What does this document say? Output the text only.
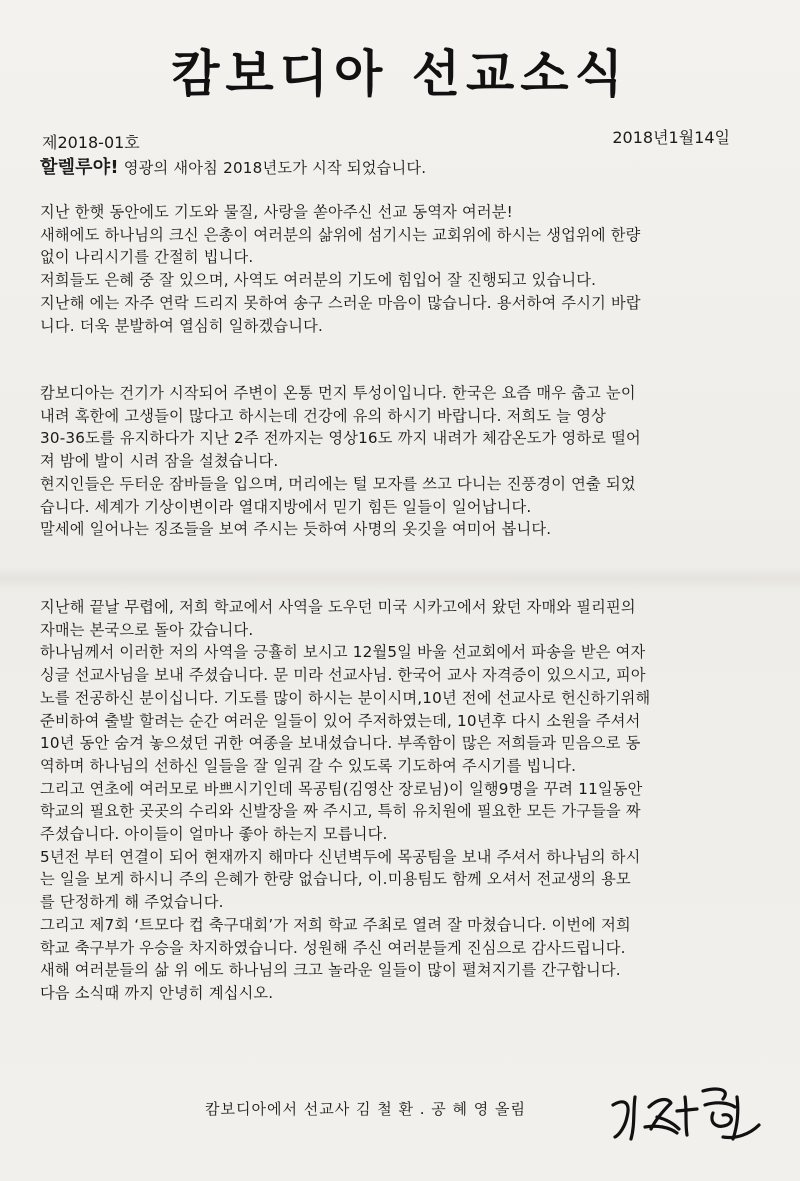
캄보디아 선교소식
제2018-01호	2018년1월14일
할렐루야! 영광의 새아침 2018년도가 시작 되었습니다.
지난 한햇 동안에도 기도와 물질, 사랑을 쏟아주신 선교 동역자 여러분!
새해에도 하나님의 크신 은총이 여러분의 삶위에 섬기시는 교회위에 하시는 생업위에 한량
없이 나리시기를 간절히 빕니다.
저희들도 은혜 중 잘 있으며, 사역도 여러분의 기도에 힘입어 잘 진행되고 있습니다.
지난해 에는 자주 연락 드리지 못하여 송구 스러운 마음이 많습니다. 용서하여 주시기 바랍
니다. 더욱 분발하여 열심히 일하겠습니다.
캄보디아는 건기가 시작되어 주변이 온통 먼지 투성이입니다. 한국은 요즘 매우 춥고 눈이
내려 혹한에 고생들이 많다고 하시는데 건강에 유의 하시기 바랍니다. 저희도 늘 영상
30-36도를 유지하다가 지난 2주 전까지는 영상16도 까지 내려가 체감온도가 영하로 떨어
져 밤에 발이 시려 잠을 설쳤습니다.
현지인들은 두터운 잠바들을 입으며, 머리에는 털 모자를 쓰고 다니는 진풍경이 연출 되었
습니다. 세계가 기상이변이라 열대지방에서 믿기 힘든 일들이 일어납니다.
말세에 일어나는 징조들을 보여 주시는 듯하여 사명의 옷깃을 여미어 봅니다.
지난해 끝날 무렵에, 저희 학교에서 사역을 도우던 미국 시카고에서 왔던 자매와 필리핀의
자매는 본국으로 돌아 갔습니다.
하나님께서 이러한 저의 사역을 긍휼히 보시고 12월5일 바울 선교회에서 파송을 받은 여자
싱글 선교사님을 보내 주셨습니다. 문 미라 선교사님. 한국어 교사 자격증이 있으시고, 피아
노를 전공하신 분이십니다. 기도를 많이 하시는 분이시며,10년 전에 선교사로 헌신하기위해
준비하여 출발 할려는 순간 여러운 일들이 있어 주저하였는데, 10년후 다시 소원을 주셔서
10년 동안 숨겨 놓으셨던 귀한 여종을 보내셨습니다. 부족함이 많은 저희들과 믿음으로 동
역하며 하나님의 선하신 일들을 잘 일궈 갈 수 있도록 기도하여 주시기를 빕니다.
그리고 연초에 여러모로 바쁘시기인데 목공팀(김영산 장로님)이 일행9명을 꾸려 11일동안
학교의 필요한 곳곳의 수리와 신발장을 짜 주시고, 특히 유치원에 필요한 모든 가구들을 짜
주셨습니다. 아이들이 얼마나 좋아 하는지 모릅니다.
5년전 부터 연결이 되어 현재까지 해마다 신년벽두에 목공팀을 보내 주셔서 하나님의 하시
는 일을 보게 하시니 주의 은혜가 한량 없습니다, 이.미용팀도 함께 오셔서 전교생의 용모
를 단정하게 해 주었습니다.
그리고 제7회 ‘트모다 컵 축구대회’가 저희 학교 주최로 열려 잘 마쳤습니다. 이번에 저희
학교 축구부가 우승을 차지하였습니다. 성원해 주신 여러분들게 진심으로 감사드립니다.
새해 여러분들의 삶 위 에도 하나님의 크고 놀라운 일들이 많이 펼쳐지기를 간구합니다.
다음 소식때 까지 안녕히 계십시오.
캄보디아에서 선교사 김 철 환 . 공 혜 영 올림
